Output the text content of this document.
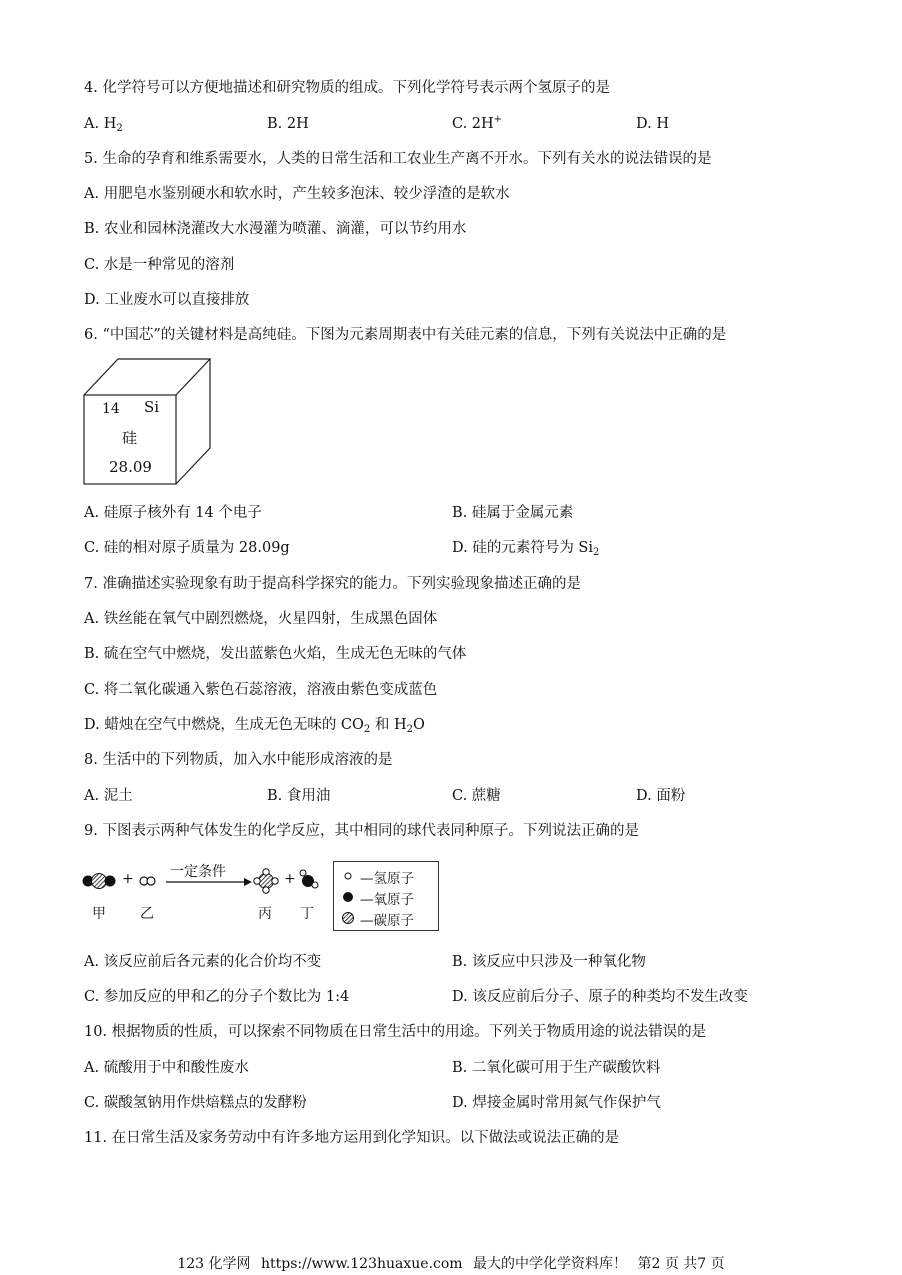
4. 化学符号可以方便地描述和研究物质的组成。下列化学符号表示两个氢原子的是
A. $H_2$	B. 2H	C. 2H+	D. H
5. 生命的孕育和维系需要水，人类的日常生活和工农业生产离不开水。下列有关水的说法错误的是
A. 用肥皂水鉴别硬水和软水时，产生较多泡沫、较少浮渣的是软水
B. 农业和园林浇灌改大水漫灌为喷灌、滴灌，可以节约用水
C. 水是一种常见的溶剂
D. 工业废水可以直接排放
6. “中国芯”的关键材料是高纯硅。下图为元素周期表中有关硅元素的信息，下列有关说法中正确的是
14 Si
硅
28.09
A. 硅原子核外有 14 个电子	B. 硅属于金属元素
C. 硅的相对原子质量为 28.09g	D. 硅的元素符号为 $Si_2$
7. 准确描述实验现象有助于提高科学探究的能力。下列实验现象描述正确的是
A. 铁丝能在氧气中剧烈燃烧，火星四射，生成黑色固体
B. 硫在空气中燃烧，发出蓝紫色火焰，生成无色无味的气体
C. 将二氧化碳通入紫色石蕊溶液，溶液由紫色变成蓝色
D. 蜡烛在空气中燃烧，生成无色无味的 $CO_2$ 和 $H_2O$
8. 生活中的下列物质，加入水中能形成溶液的是
A. 泥土	B. 食用油	C. 蔗糖	D. 面粉
9. 下图表示两种气体发生的化学反应，其中相同的球代表同种原子。下列说法正确的是
+	+
一定条件
甲 乙	丙 丁
—氢原子
—氧原子
—碳原子
A. 该反应前后各元素的化合价均不变	B. 该反应中只涉及一种氧化物
C. 参加反应的甲和乙的分子个数比为 1:4	D. 该反应前后分子、原子的种类均不发生改变
10. 根据物质的性质，可以探索不同物质在日常生活中的用途。下列关于物质用途的说法错误的是
A. 硫酸用于中和酸性废水	B. 二氧化碳可用于生产碳酸饮料
C. 碳酸氢钠用作烘焙糕点的发酵粉	D. 焊接金属时常用氮气作保护气
11. 在日常生活及家务劳动中有许多地方运用到化学知识。以下做法或说法正确的是
123 化学网 https://www.123huaxue.com 最大的中学化学资料库！ 第2 页 共7 页
